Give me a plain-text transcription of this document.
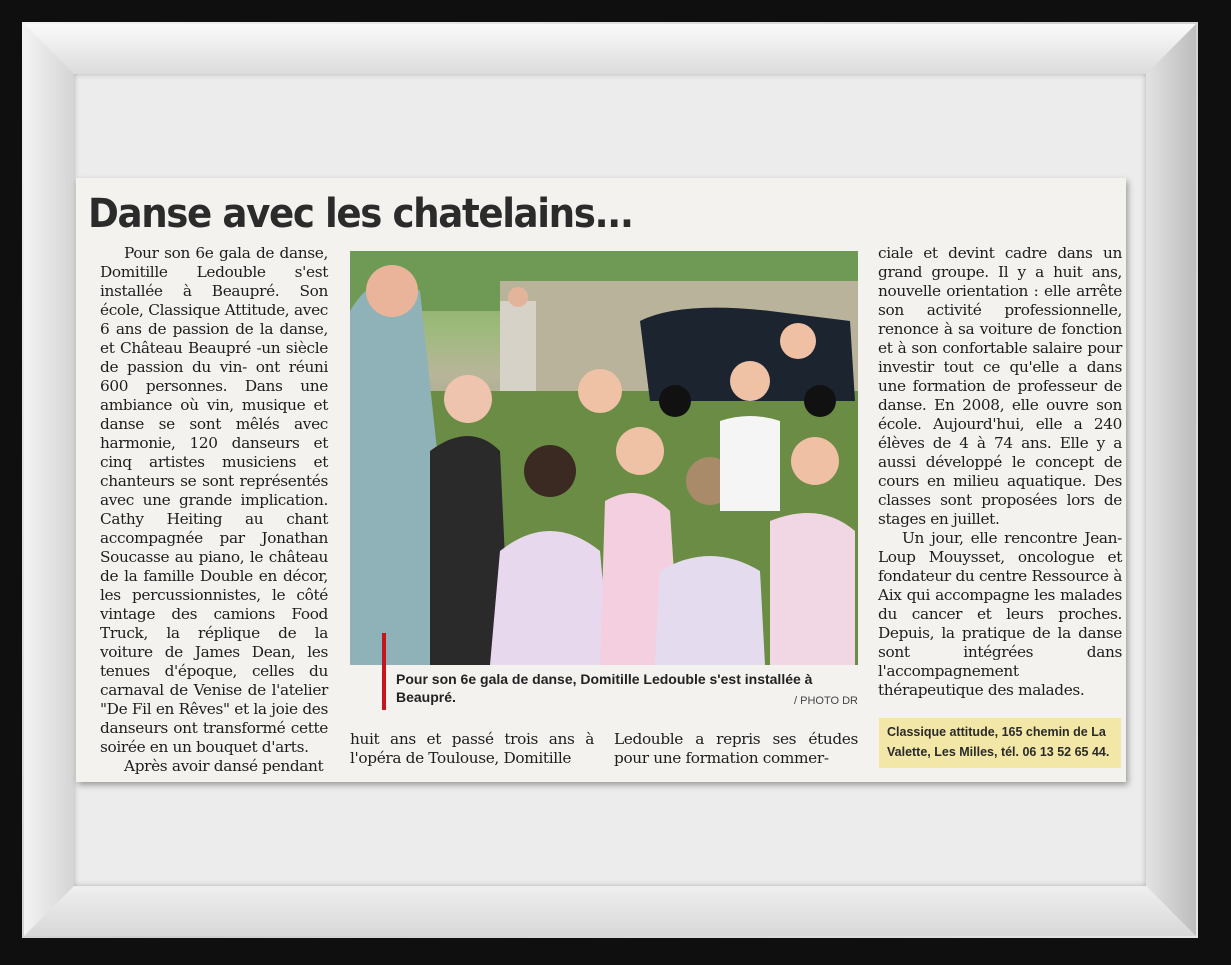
Danse avec les chatelains...

Pour son 6e gala de danse, Domitille Ledouble s'est installée à Beaupré. Son école, Classique Attitude, avec 6 ans de passion de la danse, et Château Beaupré -un siècle de passion du vin- ont réuni 600 personnes. Dans une ambiance où vin, musique et danse se sont mêlés avec harmonie, 120 danseurs et cinq artistes musiciens et chanteurs se sont représentés avec une grande implication. Cathy Heiting au chant accompagnée par Jonathan Soucasse au piano, le château de la famille Double en décor, les percussionnistes, le côté vintage des camions Food Truck, la réplique de la voiture de James Dean, les tenues d'époque, celles du carnaval de Venise de l'atelier "De Fil en Rêves" et la joie des danseurs ont transformé cette soirée en un bouquet d'arts.

Après avoir dansé pendant

Pour son 6e gala de danse, Domitille Ledouble s'est installée à Beaupré.	/ PHOTO DR

huit ans et passé trois ans à l'opéra de Toulouse, Domitille

Ledouble a repris ses études pour une formation commer-

ciale et devint cadre dans un grand groupe. Il y a huit ans, nouvelle orientation : elle arrête son activité professionnelle, renonce à sa voiture de fonction et à son confortable salaire pour investir tout ce qu'elle a dans une formation de professeur de danse. En 2008, elle ouvre son école. Aujourd'hui, elle a 240 élèves de 4 à 74 ans. Elle y a aussi développé le concept de cours en milieu aquatique. Des classes sont proposées lors de stages en juillet.

Un jour, elle rencontre Jean-Loup Mouysset, oncologue et fondateur du centre Ressource à Aix qui accompagne les malades du cancer et leurs proches. Depuis, la pratique de la danse sont intégrées dans l'accompagnement thérapeutique des malades.

Classique attitude, 165 chemin de La Valette, Les Milles, tél. 06 13 52 65 44.
